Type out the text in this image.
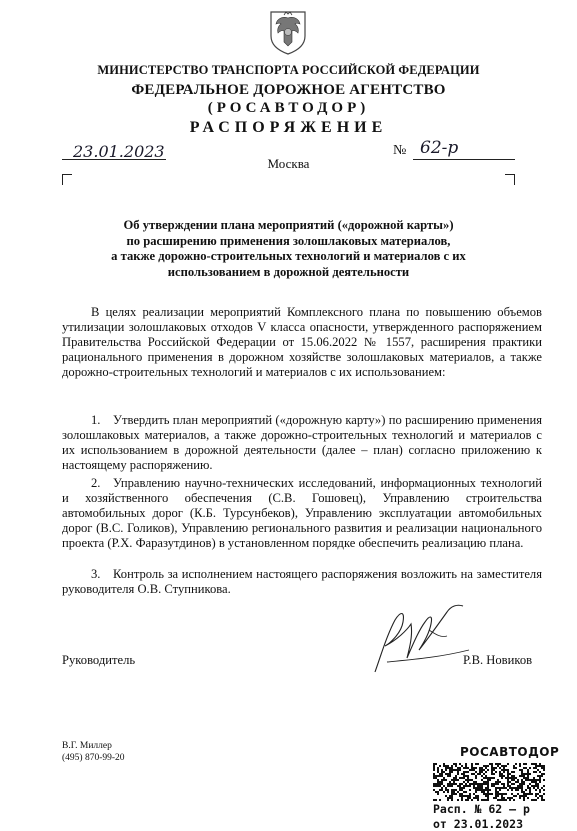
МИНИСТЕРСТВО ТРАНСПОРТА РОССИЙСКОЙ ФЕДЕРАЦИИ
ФЕДЕРАЛЬНОЕ ДОРОЖНОЕ АГЕНТСТВО
(РОСАВТОДОР)
РАСПОРЯЖЕНИЕ
23.01.2023
Москва
№ 62-р
Об утверждении плана мероприятий («дорожной карты»)
по расширению применения золошлаковых материалов,
а также дорожно-строительных технологий и материалов с их
использованием в дорожной деятельности
В целях реализации мероприятий Комплексного плана по повышению объемов утилизации золошлаковых отходов V класса опасности, утвержденного распоряжением Правительства Российской Федерации от 15.06.2022 № 1557, расширения практики рационального применения в дорожном хозяйстве золошлаковых материалов, а также дорожно-строительных технологий и материалов с их использованием:
1. Утвердить план мероприятий («дорожную карту») по расширению применения золошлаковых материалов, а также дорожно-строительных технологий и материалов с их использованием в дорожной деятельности (далее – план) согласно приложению к настоящему распоряжению.
2. Управлению научно-технических исследований, информационных технологий и хозяйственного обеспечения (С.В. Гошовец), Управлению строительства автомобильных дорог (К.Б. Турсунбеков), Управлению эксплуатации автомобильных дорог (В.С. Голиков), Управлению регионального развития и реализации национального проекта (Р.Х. Фаразутдинов) в установленном порядке обеспечить реализацию плана.
3. Контроль за исполнением настоящего распоряжения возложить на заместителя руководителя О.В. Ступникова.
Руководитель	Р.В. Новиков
В.Г. Миллер
(495) 870-99-20	РОСАВТОДОР
Расп. № 62 – р
от 23.01.2023
